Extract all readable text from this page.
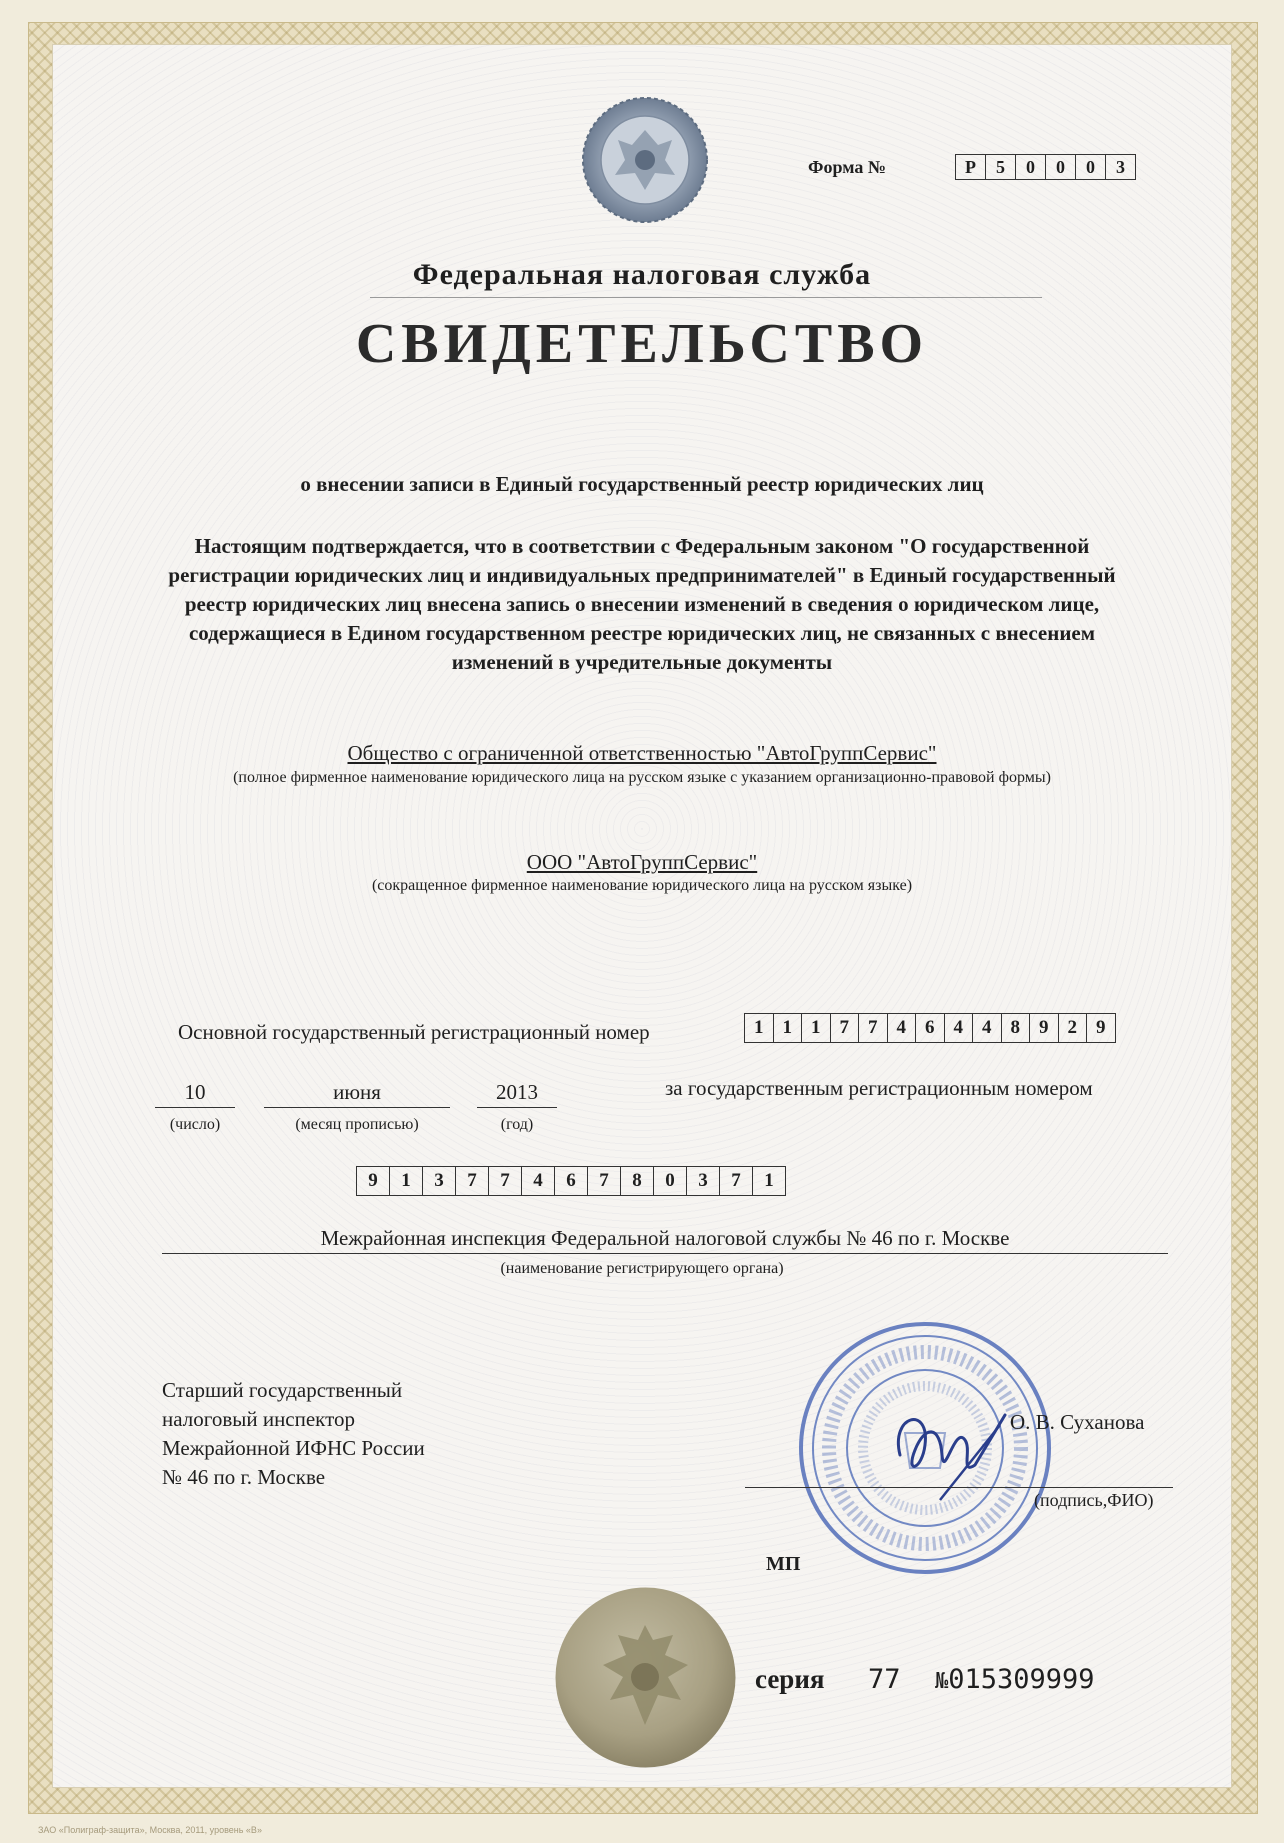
Форма №	Р	5	0	0	0	3
Федеральная налоговая служба
СВИДЕТЕЛЬСТВО
о внесении записи в Единый государственный реестр юридических лиц
Настоящим подтверждается, что в соответствии с Федеральным законом "О государственной регистрации юридических лиц и индивидуальных предпринимателей" в Единый государственный реестр юридических лиц внесена запись о внесении изменений в сведения о юридическом лице, содержащиеся в Едином государственном реестре юридических лиц, не связанных с внесением изменений в учредительные документы
Общество с ограниченной ответственностью "АвтоГруппСервис"
(полное фирменное наименование юридического лица на русском языке с указанием организационно-правовой формы)
ООО "АвтоГруппСервис"
(сокращенное фирменное наименование юридического лица на русском языке)
Основной государственный регистрационный номер	1	1	1	7	7	4	6	4	4	8	9	2	9
10
(число)
июня
(месяц прописью)
2013
(год)
за государственным регистрационным номером
9	1	3	7	7	4	6	7	8	0	3	7	1
Межрайонная инспекция Федеральной налоговой службы № 46 по г. Москве
(наименование регистрирующего органа)
Старший государственный
налоговый инспектор
Межрайонной ИФНС России
№ 46 по г. Москве
О. В. Суханова
(подпись,ФИО)
МП
серия 77 №015309999
ЗАО «Полиграф-защита», Москва, 2011, уровень «В»
